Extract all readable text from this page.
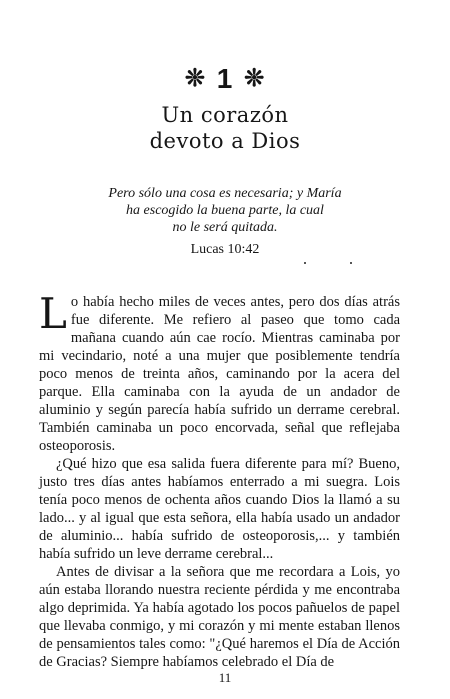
❊ 1 ❊
Un corazón
devoto a Dios
Pero sólo una cosa es necesaria; y María
ha escogido la buena parte, la cual
no le será quitada.
Lucas 10:42

Lo había hecho miles de veces antes, pero dos días atrás fue diferente. Me refiero al paseo que tomo cada mañana cuando aún cae rocío. Mientras caminaba por mi vecindario, noté a una mujer que posiblemente tendría poco menos de treinta años, caminando por la acera del parque. Ella caminaba con la ayuda de un andador de aluminio y según parecía había sufrido un derrame cerebral. También caminaba un poco encorvada, señal que reflejaba osteoporosis.

¿Qué hizo que esa salida fuera diferente para mí? Bueno, justo tres días antes habíamos enterrado a mi suegra. Lois tenía poco menos de ochenta años cuando Dios la llamó a su lado... y al igual que esta señora, ella había usado un andador de aluminio... había sufrido de osteoporosis,... y también había sufrido un leve derrame cerebral...

Antes de divisar a la señora que me recordara a Lois, yo aún estaba llorando nuestra reciente pérdida y me encontraba algo deprimida. Ya había agotado los pocos pañuelos de papel que llevaba conmigo, y mi corazón y mi mente estaban llenos de pensamientos tales como: "¿Qué haremos el Día de Acción de Gracias? Siempre habíamos celebrado el Día de

11
